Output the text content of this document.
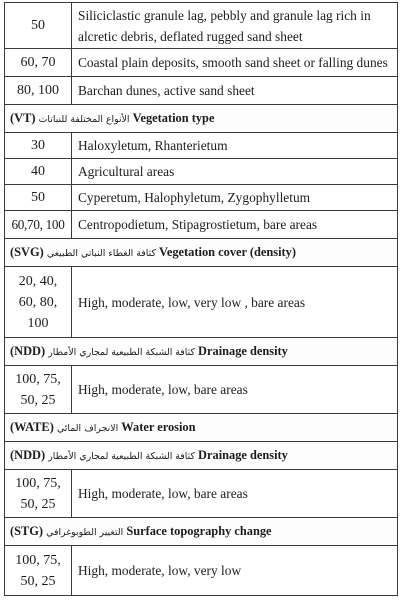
50	Siliciclastic granule lag, pebbly and granule lag rich in alcretic debris, deflated rugged sand sheet
60, 70	Coastal plain deposits, smooth sand sheet or falling dunes
80, 100	Barchan dunes, active sand sheet
(VT) الأنواع المختلفة للنباتات Vegetation type	
30	Haloxyletum, Rhanterietum
40	Agricultural areas
50	Cyperetum, Halophyletum, Zygophylletum
60,70, 100	Centropodietum, Stipagrostietum, bare areas
(SVG) كثافة الغطاء النباتي الطبيعي Vegetation cover (density)	

20, 40,
60, 80,
100	High, moderate, low, very low , bare areas
(NDD) كثافة الشبكة الطبيعية لمجاري الأمطار Drainage density	

100, 75,
50, 25	High, moderate, low, bare areas
(WATE) الانجراف المائي Water erosion	
(NDD) كثافة الشبكة الطبيعية لمجاري الأمطار Drainage density	

100, 75,
50, 25	High, moderate, low, bare areas
(STG) التغيير الطوبوغرافي Surface topography change	

100, 75,
50, 25	High, moderate, low, very low
